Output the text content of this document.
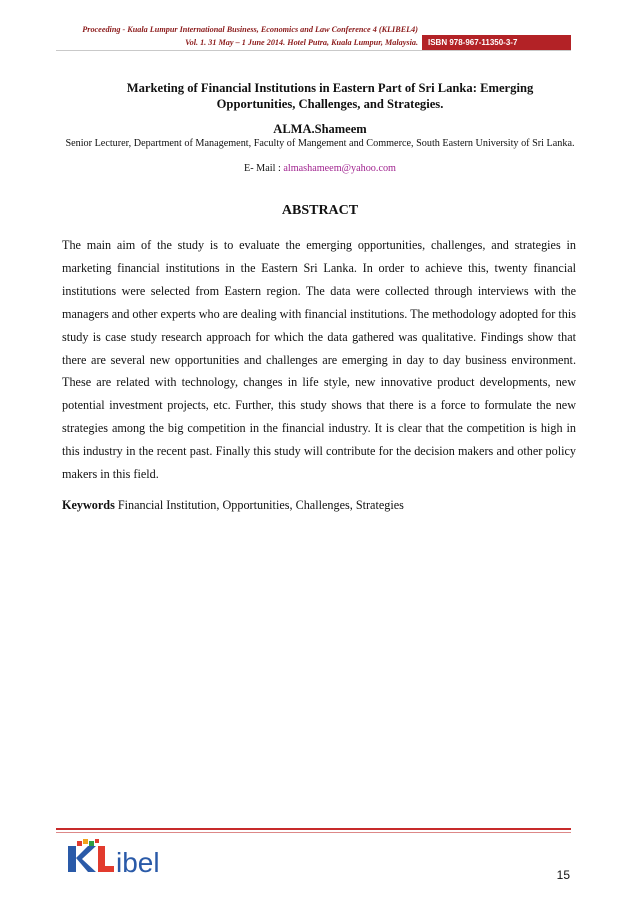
Proceeding - Kuala Lumpur International Business, Economics and Law Conference 4 (KLIBEL4)
Vol. 1. 31 May – 1 June 2014. Hotel Putra, Kuala Lumpur, Malaysia.	ISBN 978-967-11350-3-7
Marketing of Financial Institutions in Eastern Part of Sri Lanka: Emerging Opportunities, Challenges, and Strategies.
ALMA.Shameem
Senior Lecturer, Department of Management, Faculty of Mangement and Commerce, South Eastern University of Sri Lanka.
E- Mail : almashameem@yahoo.com
ABSTRACT

The main aim of the study is to evaluate the emerging opportunities, challenges, and strategies in marketing financial institutions in the Eastern Sri Lanka. In order to achieve this, twenty financial institutions were selected from Eastern region. The data were collected through interviews with the managers and other experts who are dealing with financial institutions. The methodology adopted for this study is case study research approach for which the data gathered was qualitative. Findings show that there are several new opportunities and challenges are emerging in day to day business environment. These are related with technology, changes in life style, new innovative product developments, new potential investment projects, etc. Further, this study shows that there is a force to formulate the new strategies among the big competition in the financial industry. It is clear that the competition is high in this industry in the recent past. Finally this study will contribute for the decision makers and other policy makers in this field.

Keywords Financial Institution, Opportunities, Challenges, Strategies
ibel	15
